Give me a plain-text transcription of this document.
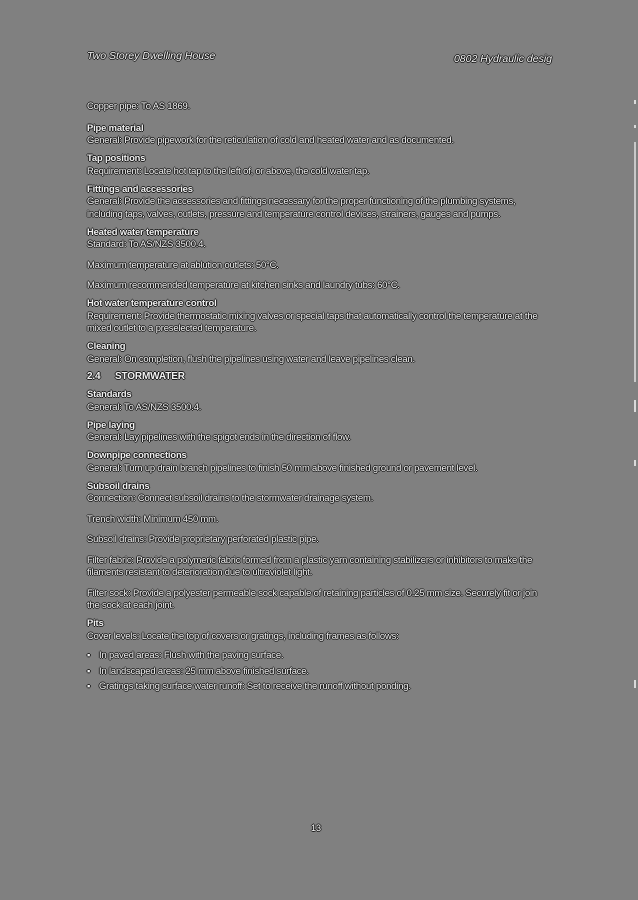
Two Storey Dwelling House	0802 Hydraulic desig

Copper pipe: To AS 1869.

Pipe material

General: Provide pipework for the reticulation of cold and heated water and as documented.

Tap positions

Requirement: Locate hot tap to the left of, or above, the cold water tap.

Fittings and accessories

General: Provide the accessories and fittings necessary for the proper functioning of the plumbing systems, including taps, valves, outlets, pressure and temperature control devices, strainers, gauges and pumps.

Heated water temperature

Standard: To AS/NZS 3500.4.

Maximum temperature at ablution outlets: 50°C.

Maximum recommended temperature at kitchen sinks and laundry tubs: 60°C.

Hot water temperature control

Requirement: Provide thermostatic mixing valves or special taps that automatically control the temperature at the mixed outlet to a preselected temperature.

Cleaning

General: On completion, flush the pipelines using water and leave pipelines clean.

2.4 STORMWATER

Standards

General: To AS/NZS 3500.4.

Pipe laying

General: Lay pipelines with the spigot ends in the direction of flow.

Downpipe connections

General: Turn up drain branch pipelines to finish 50 mm above finished ground or pavement level.

Subsoil drains

Connection: Connect subsoil drains to the stormwater drainage system.

Trench width: Minimum 450 mm.

Subsoil drains: Provide proprietary perforated plastic pipe.

Filter fabric: Provide a polymeric fabric formed from a plastic yarn containing stabilizers or inhibitors to make the filaments resistant to deterioration due to ultraviolet light.

Filter sock: Provide a polyester permeable sock capable of retaining particles of 0.25 mm size. Securely fit or join the sock at each joint.

Pits

Cover levels: Locate the top of covers or gratings, including frames as follows:

▪ In paved areas: Flush with the paving surface.
▪ In landscaped areas: 25 mm above finished surface.
▪ Gratings taking surface water runoff: Set to receive the runoff without ponding.
13
